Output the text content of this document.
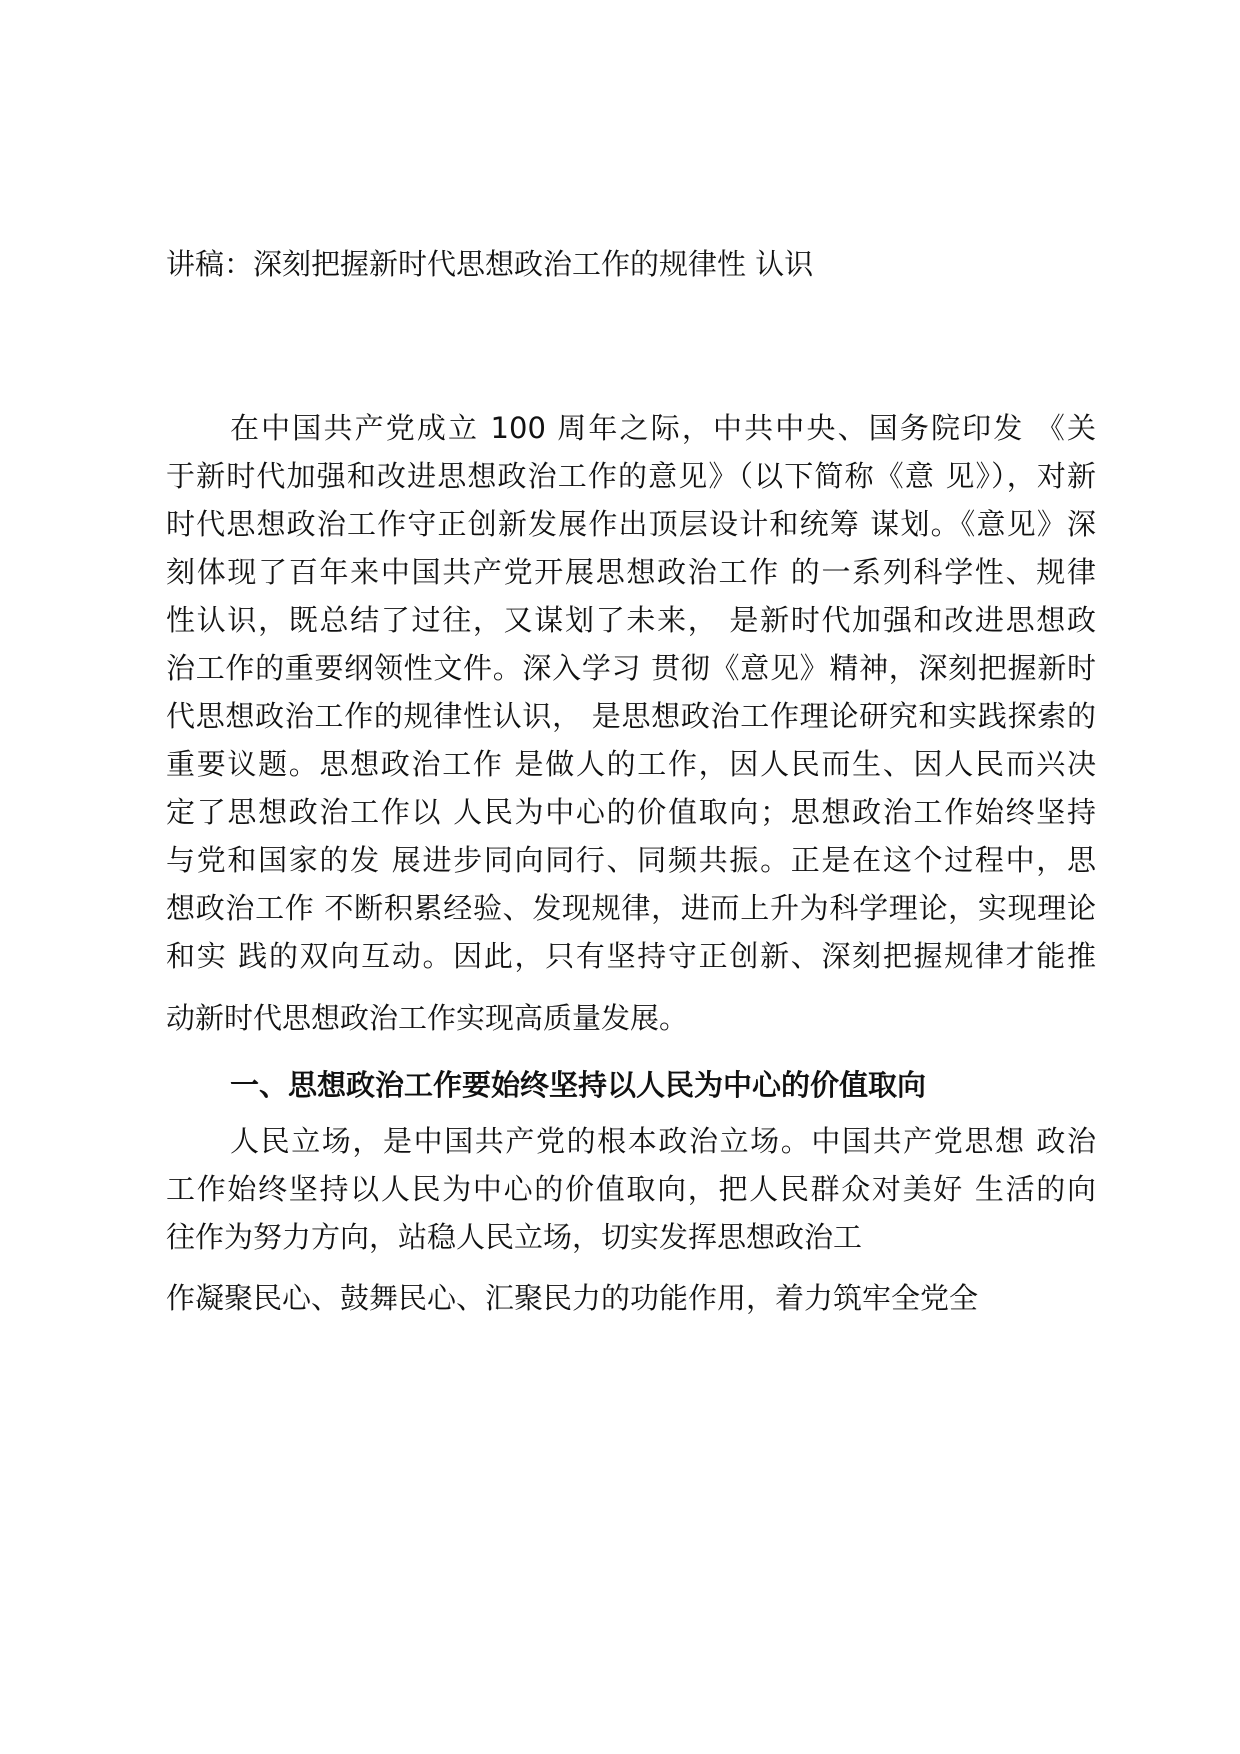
讲稿：深刻把握新时代思想政治工作的规律性 认识
在中国共产党成立 100 周年之际，中共中央、国务院印发 《关
于新时代加强和改进思想政治工作的意见》（以下简称《意 见》），对新
时代思想政治工作守正创新发展作出顶层设计和统筹 谋划。《意见》深
刻体现了百年来中国共产党开展思想政治工作 的一系列科学性、规律
性认识，既总结了过往，又谋划了未来， 是新时代加强和改进思想政
治工作的重要纲领性文件。深入学习 贯彻《意见》精神，深刻把握新时
代思想政治工作的规律性认识， 是思想政治工作理论研究和实践探索的
重要议题。思想政治工作 是做人的工作，因人民而生、因人民而兴决
定了思想政治工作以 人民为中心的价值取向；思想政治工作始终坚持
与党和国家的发 展进步同向同行、同频共振。正是在这个过程中，思
想政治工作 不断积累经验、发现规律，进而上升为科学理论，实现理论
和实 践的双向互动。因此，只有坚持守正创新、深刻把握规律才能推
动新时代思想政治工作实现高质量发展。
一、思想政治工作要始终坚持以人民为中心的价值取向
人民立场，是中国共产党的根本政治立场。中国共产党思想 政治
工作始终坚持以人民为中心的价值取向，把人民群众对美好 生活的向
往作为努力方向，站稳人民立场，切实发挥思想政治工
作凝聚民心、鼓舞民心、汇聚民力的功能作用，着力筑牢全党全
